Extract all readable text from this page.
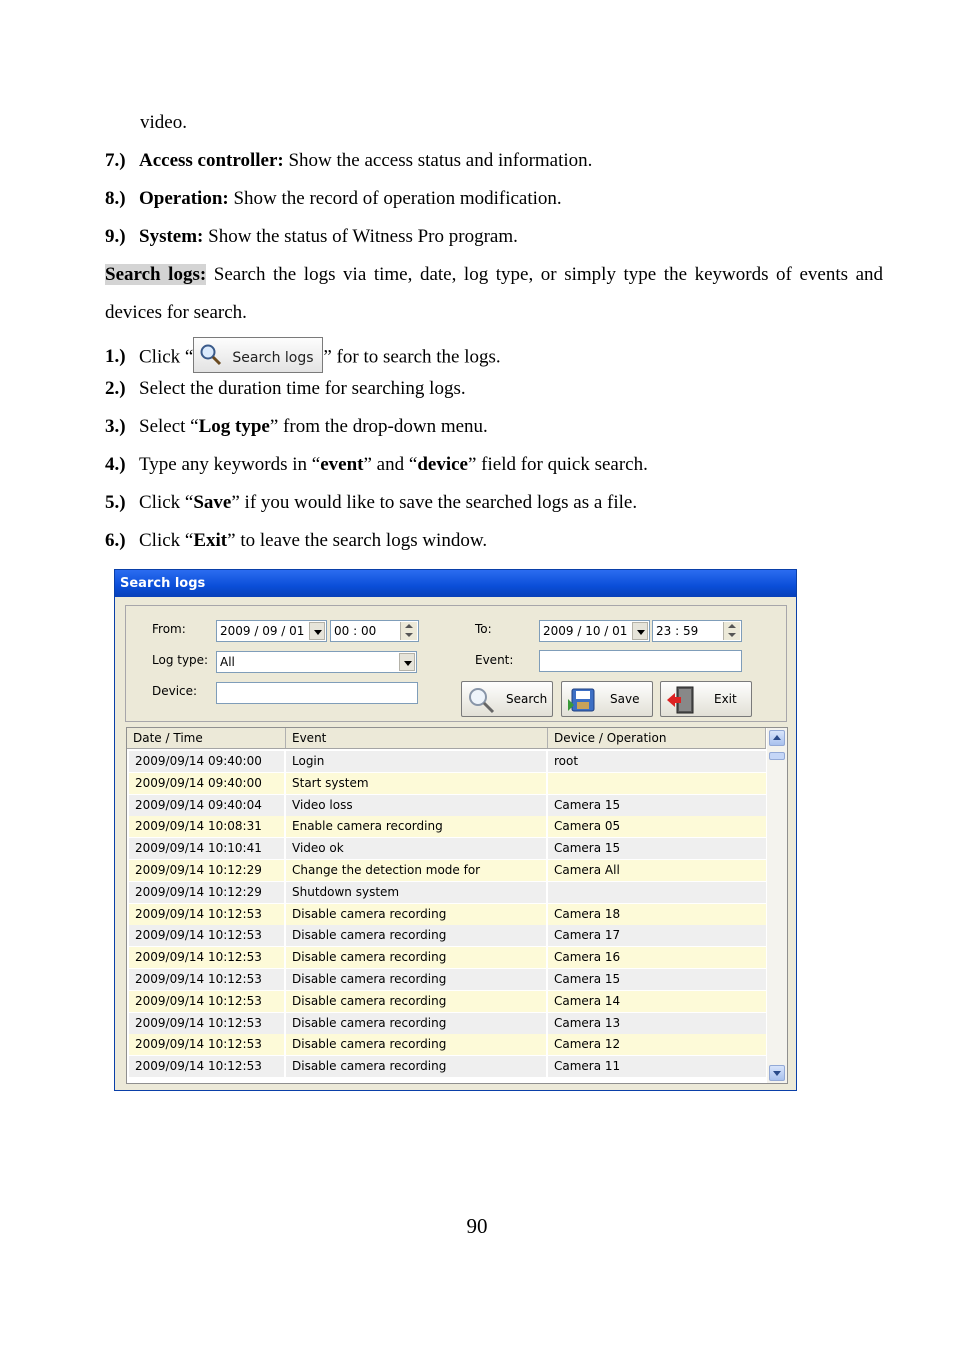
video.
7.) Access controller: Show the access status and information.
8.) Operation: Show the record of operation modification.
9.) System: Show the status of Witness Pro program.
Search logs: Search the logs via time, date, log type, or simply type the keywords of events and
devices for search.
1.) Click “	Search logs ” for to search the logs.
2.) Select the duration time for searching logs.
3.) Select “Log type” from the drop-down menu.
4.) Type any keywords in “event” and “device” field for quick search.
5.) Click “Save” if you would like to save the searched logs as a file.
6.) Click “Exit” to leave the search logs window.
Search logs
From:	2009 / 09 / 01	00 : 00	To:	2009 / 10 / 01	23 : 59
Log type: All	Event:
Device:
Search	Save	Exit
Date / Time	Event	Device / Operation
2009/09/14 09:40:00	Login	root
2009/09/14 09:40:00	Start system
2009/09/14 09:40:04	Video loss	Camera 15
2009/09/14 10:08:31	Enable camera recording	Camera 05
2009/09/14 10:10:41	Video ok	Camera 15
2009/09/14 10:12:29	Change the detection mode for	Camera All
2009/09/14 10:12:29	Shutdown system
2009/09/14 10:12:53	Disable camera recording	Camera 18
2009/09/14 10:12:53	Disable camera recording	Camera 17
2009/09/14 10:12:53	Disable camera recording	Camera 16
2009/09/14 10:12:53	Disable camera recording	Camera 15
2009/09/14 10:12:53	Disable camera recording	Camera 14
2009/09/14 10:12:53	Disable camera recording	Camera 13
2009/09/14 10:12:53	Disable camera recording	Camera 12
2009/09/14 10:12:53	Disable camera recording	Camera 11
90
